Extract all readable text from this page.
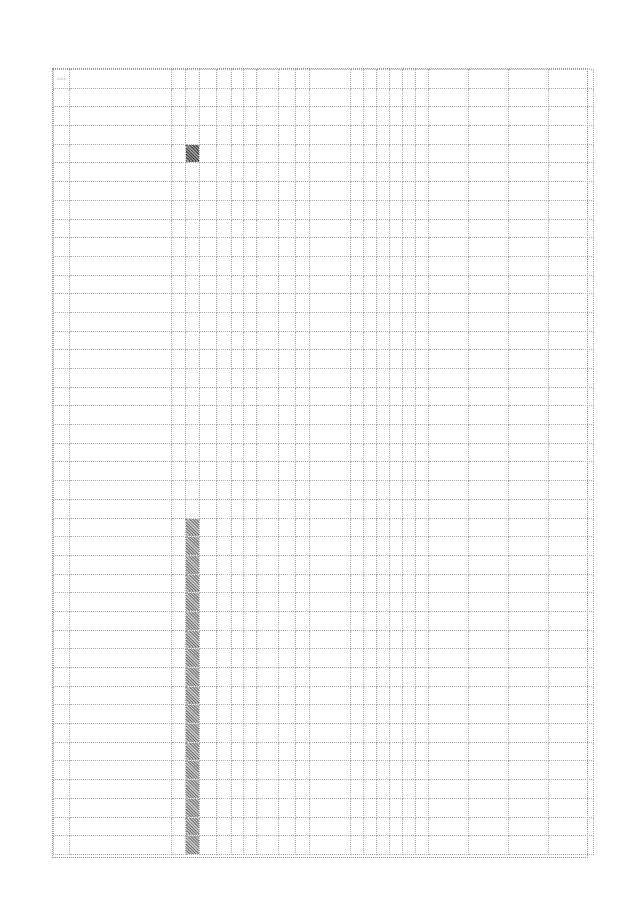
1.0.1																					
